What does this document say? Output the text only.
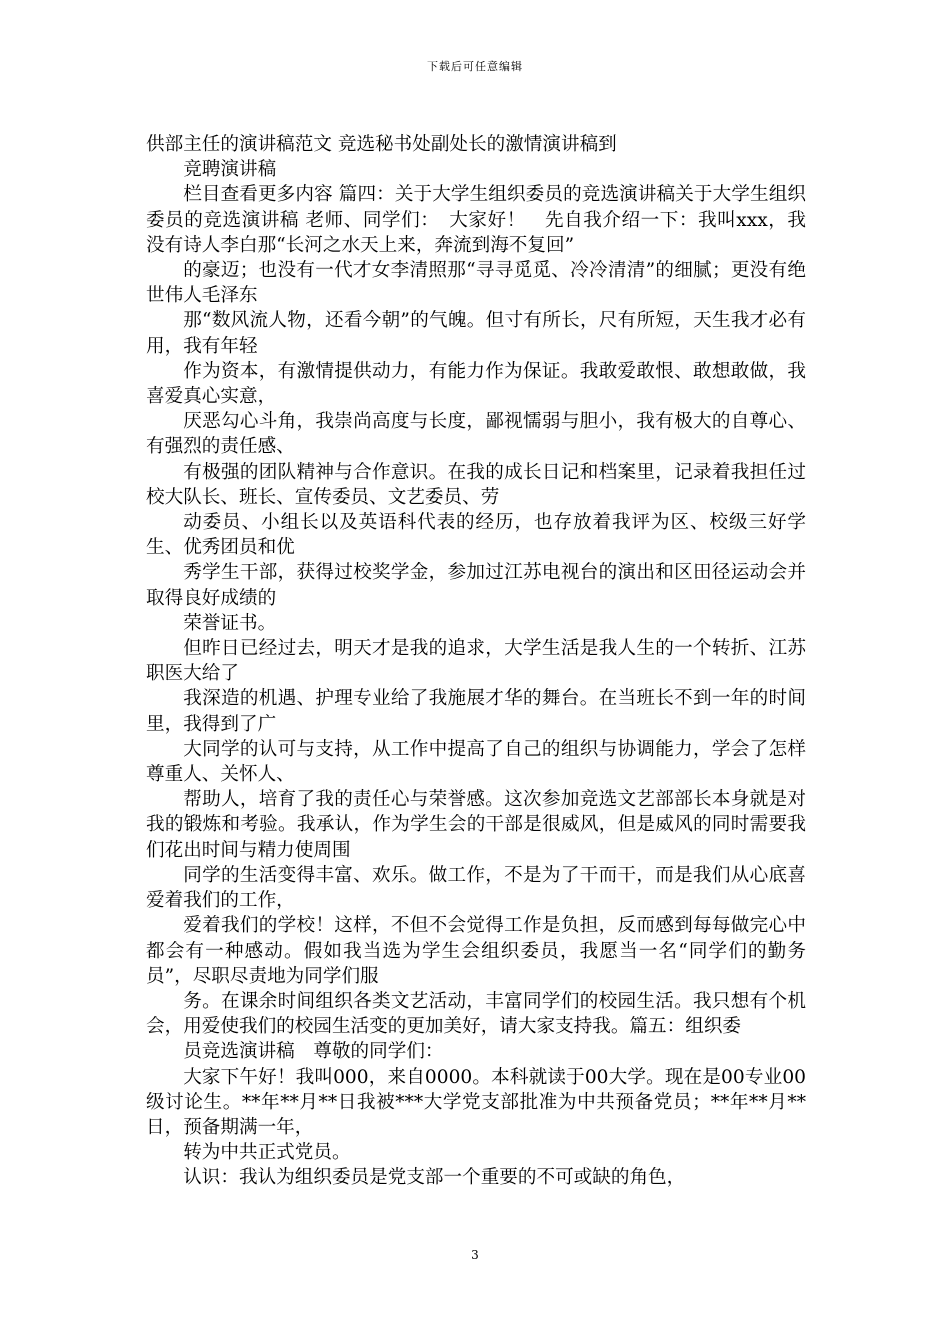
下载后可任意编辑

供部主任的演讲稿范文 竞选秘书处副处长的激情演讲稿到

竞聘演讲稿

栏目查看更多内容 篇四：关于大学生组织委员的竞选演讲稿关于大学生组织委员的竞选演讲稿 老师、同学们：　大家好！　先自我介绍一下：我叫xxx，我没有诗人李白那“长河之水天上来，奔流到海不复回”

的豪迈；也没有一代才女李清照那“寻寻觅觅、冷冷清清”的细腻；更没有绝世伟人毛泽东

那“数风流人物，还看今朝”的气魄。但寸有所长，尺有所短，天生我才必有用，我有年轻

作为资本，有激情提供动力，有能力作为保证。我敢爱敢恨、敢想敢做，我喜爱真心实意，

厌恶勾心斗角，我崇尚高度与长度，鄙视懦弱与胆小，我有极大的自尊心、有强烈的责任感、

有极强的团队精神与合作意识。在我的成长日记和档案里，记录着我担任过校大队长、班长、宣传委员、文艺委员、劳

动委员、小组长以及英语科代表的经历，也存放着我评为区、校级三好学生、优秀团员和优

秀学生干部，获得过校奖学金，参加过江苏电视台的演出和区田径运动会并取得良好成绩的

荣誉证书。

但昨日已经过去，明天才是我的追求，大学生活是我人生的一个转折、江苏职医大给了

我深造的机遇、护理专业给了我施展才华的舞台。在当班长不到一年的时间里，我得到了广

大同学的认可与支持，从工作中提高了自己的组织与协调能力，学会了怎样尊重人、关怀人、

帮助人，培育了我的责任心与荣誉感。这次参加竞选文艺部部长本身就是对我的锻炼和考验。我承认，作为学生会的干部是很威风，但是威风的同时需要我们花出时间与精力使周围

同学的生活变得丰富、欢乐。做工作，不是为了干而干，而是我们从心底喜爱着我们的工作，

爱着我们的学校！这样，不但不会觉得工作是负担，反而感到每每做完心中都会有一种感动。假如我当选为学生会组织委员，我愿当一名“同学们的勤务员”，尽职尽责地为同学们服

务。在课余时间组织各类文艺活动，丰富同学们的校园生活。我只想有个机会，用爱使我们的校园生活变的更加美好，请大家支持我。篇五：组织委

员竞选演讲稿　尊敬的同学们：

大家下午好！我叫000，来自0000。本科就读于00大学。现在是00专业00级讨论生。**年**月**日我被***大学党支部批准为中共预备党员；**年**月**日，预备期满一年，

转为中共正式党员。

认识：我认为组织委员是党支部一个重要的不可或缺的角色，

3
